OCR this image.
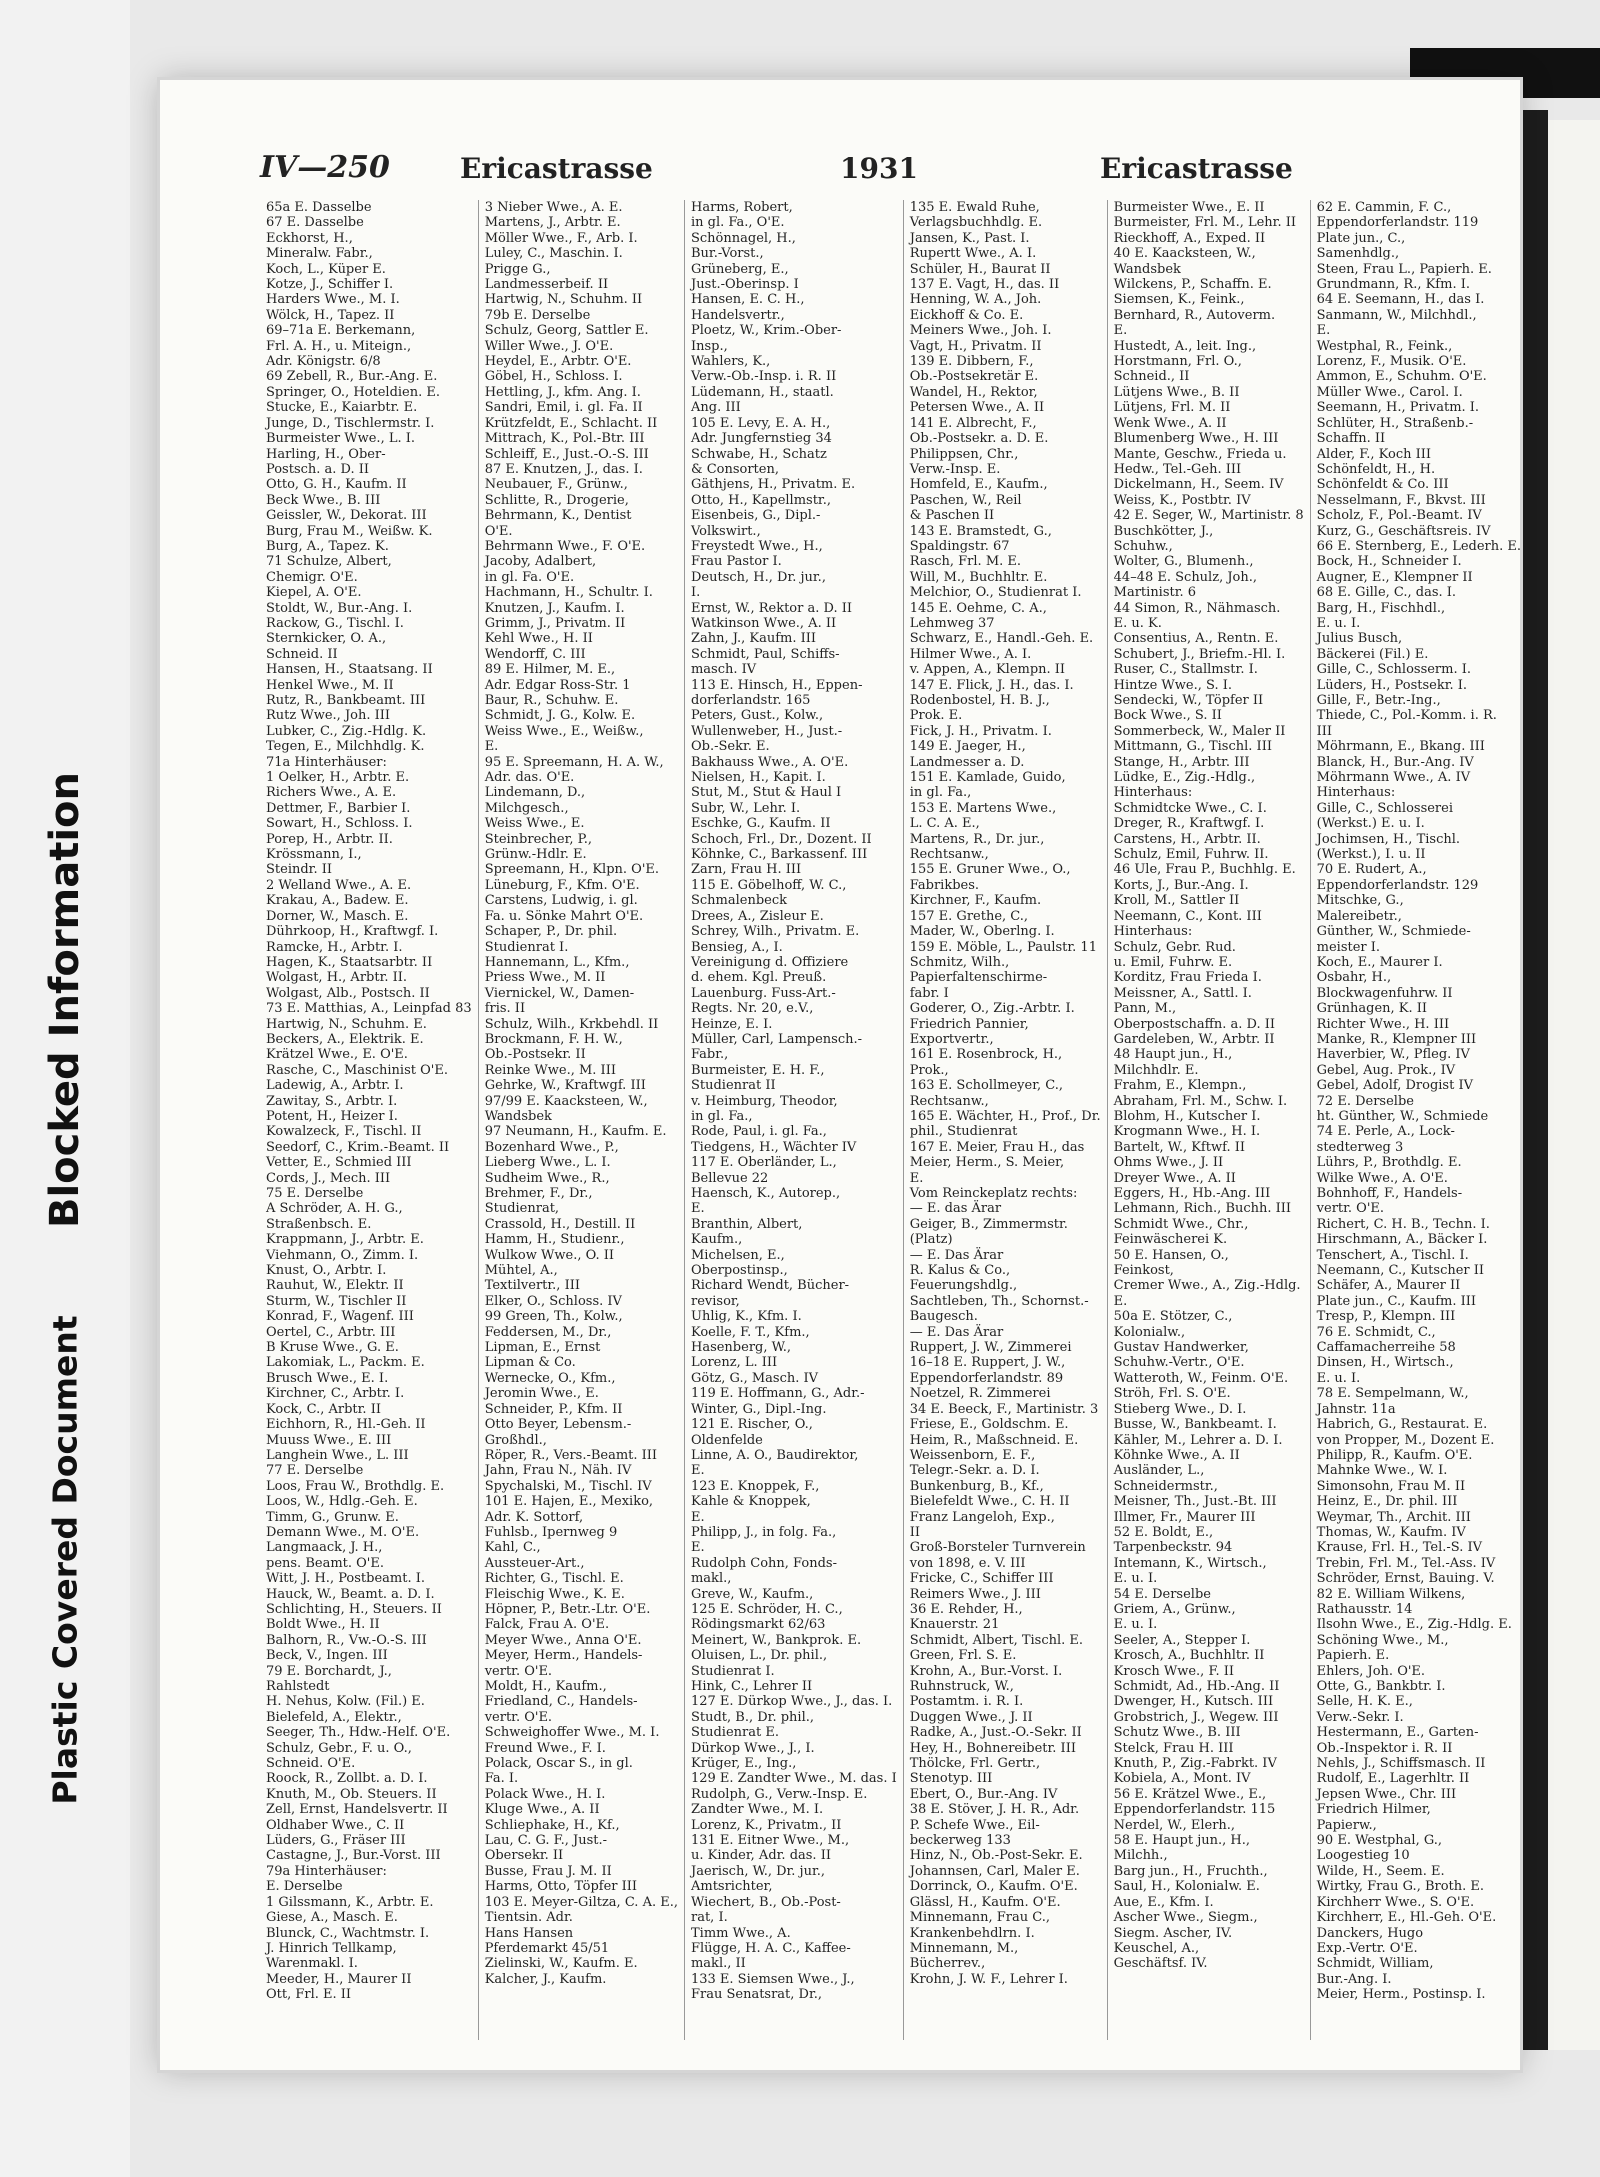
Blocked Information
Plastic Covered Document
IV—250	Ericastrasse	1931	Ericastrasse
65a E. Dasselbe
67 E. Dasselbe
Eckhorst, H.,
Mineralw. Fabr.,
Koch, L., Küper E.
Kotze, J., Schiffer I.
Harders Wwe., M. I.
Wölck, H., Tapez. II
69–71a E. Berkemann,
Frl. A. H., u. Miteign.,
Adr. Königstr. 6/8
69 Zebell, R., Bur.-Ang. E.
Springer, O., Hoteldien. E.
Stucke, E., Kaiarbtr. E.
Junge, D., Tischlermstr. I.
Burmeister Wwe., L. I.
Harling, H., Ober-
Postsch. a. D. II
Otto, G. H., Kaufm. II
Beck Wwe., B. III
Geissler, W., Dekorat. III
Burg, Frau M., Weißw. K.
Burg, A., Tapez. K.
71 Schulze, Albert,
Chemigr. O'E.
Kiepel, A. O'E.
Stoldt, W., Bur.-Ang. I.
Rackow, G., Tischl. I.
Sternkicker, O. A.,
Schneid. II
Hansen, H., Staatsang. II
Henkel Wwe., M. II
Rutz, R., Bankbeamt. III
Rutz Wwe., Joh. III
Lubker, C., Zig.-Hdlg. K.
Tegen, E., Milchhdlg. K.
71a Hinterhäuser:
1 Oelker, H., Arbtr. E.
Richers Wwe., A. E.
Dettmer, F., Barbier I.
Sowart, H., Schloss. I.
Porep, H., Arbtr. II.
Krössmann, I.,
Steindr. II
2 Welland Wwe., A. E.
Krakau, A., Badew. E.
Dorner, W., Masch. E.
Dührkoop, H., Kraftwgf. I.
Ramcke, H., Arbtr. I.
Hagen, K., Staatsarbtr. II
Wolgast, H., Arbtr. II.
Wolgast, Alb., Postsch. II
73 E. Matthias, A., Leinpfad 83
Hartwig, N., Schuhm. E.
Beckers, A., Elektrik. E.
Krätzel Wwe., E. O'E.
Rasche, C., Maschinist O'E.
Ladewig, A., Arbtr. I.
Zawitay, S., Arbtr. I.
Potent, H., Heizer I.
Kowalzeck, F., Tischl. II
Seedorf, C., Krim.-Beamt. II
Vetter, E., Schmied III
Cords, J., Mech. III
75 E. Derselbe
A Schröder, A. H. G.,
Straßenbsch. E.
Krappmann, J., Arbtr. E.
Viehmann, O., Zimm. I.
Knust, O., Arbtr. I.
Rauhut, W., Elektr. II
Sturm, W., Tischler II
Konrad, F., Wagenf. III
Oertel, C., Arbtr. III
B Kruse Wwe., G. E.
Lakomiak, L., Packm. E.
Brusch Wwe., E. I.
Kirchner, C., Arbtr. I.
Kock, C., Arbtr. II
Eichhorn, R., Hl.-Geh. II
Muuss Wwe., E. III
Langhein Wwe., L. III
77 E. Derselbe
Loos, Frau W., Brothdlg. E.
Loos, W., Hdlg.-Geh. E.
Timm, G., Grunw. E.
Demann Wwe., M. O'E.
Langmaack, J. H.,
pens. Beamt. O'E.
Witt, J. H., Postbeamt. I.
Hauck, W., Beamt. a. D. I.
Schlichting, H., Steuers. II
Boldt Wwe., H. II
Balhorn, R., Vw.-O.-S. III
Beck, V., Ingen. III
79 E. Borchardt, J.,
Rahlstedt
H. Nehus, Kolw. (Fil.) E.
Bielefeld, A., Elektr.,
Seeger, Th., Hdw.-Helf. O'E.
Schulz, Gebr., F. u. O.,
Schneid. O'E.
Roock, R., Zollbt. a. D. I.
Knuth, M., Ob. Steuers. II
Zell, Ernst, Handelsvertr. II
Oldhaber Wwe., C. II
Lüders, G., Fräser III
Castagne, J., Bur.-Vorst. III
79a Hinterhäuser:
E. Derselbe
1 Gilssmann, K., Arbtr. E.
Giese, A., Masch. E.
Blunck, C., Wachtmstr. I.
J. Hinrich Tellkamp,
Warenmakl. I.
Meeder, H., Maurer II
Ott, Frl. E. II
3 Nieber Wwe., A. E.
Martens, J., Arbtr. E.
Möller Wwe., F., Arb. I.
Luley, C., Maschin. I.
Prigge G.,
Landmesserbeif. II
Hartwig, N., Schuhm. II
79b E. Derselbe
Schulz, Georg, Sattler E.
Willer Wwe., J. O'E.
Heydel, E., Arbtr. O'E.
Göbel, H., Schloss. I.
Hettling, J., kfm. Ang. I.
Sandri, Emil, i. gl. Fa. II
Krützfeldt, E., Schlacht. II
Mittrach, K., Pol.-Btr. III
Schleiff, E., Just.-O.-S. III
87 E. Knutzen, J., das. I.
Neubauer, F., Grünw.,
Schlitte, R., Drogerie,
Behrmann, K., Dentist
O'E.
Behrmann Wwe., F. O'E.
Jacoby, Adalbert,
in gl. Fa. O'E.
Hachmann, H., Schultr. I.
Knutzen, J., Kaufm. I.
Grimm, J., Privatm. II
Kehl Wwe., H. II
Wendorff, C. III
89 E. Hilmer, M. E.,
Adr. Edgar Ross-Str. 1
Baur, R., Schuhw. E.
Schmidt, J. G., Kolw. E.
Weiss Wwe., E., Weißw.,
E.
95 E. Spreemann, H. A. W.,
Adr. das. O'E.
Lindemann, D.,
Milchgesch.,
Weiss Wwe., E.
Steinbrecher, P.,
Grünw.-Hdlr. E.
Spreemann, H., Klpn. O'E.
Lüneburg, F., Kfm. O'E.
Carstens, Ludwig, i. gl.
Fa. u. Sönke Mahrt O'E.
Schaper, P., Dr. phil.
Studienrat I.
Hannemann, L., Kfm.,
Priess Wwe., M. II
Viernickel, W., Damen-
fris. II
Schulz, Wilh., Krkbehdl. II
Brockmann, F. H. W.,
Ob.-Postsekr. II
Reinke Wwe., M. III
Gehrke, W., Kraftwgf. III
97/99 E. Kaacksteen, W.,
Wandsbek
97 Neumann, H., Kaufm. E.
Bozenhard Wwe., P.,
Lieberg Wwe., L. I.
Sudheim Wwe., R.,
Brehmer, F., Dr.,
Studienrat,
Crassold, H., Destill. II
Hamm, H., Studienr.,
Wulkow Wwe., O. II
Mühtel, A.,
Textilvertr., III
Elker, O., Schloss. IV
99 Green, Th., Kolw.,
Feddersen, M., Dr.,
Lipman, E., Ernst
Lipman & Co.
Wernecke, O., Kfm.,
Jeromin Wwe., E.
Schneider, P., Kfm. II
Otto Beyer, Lebensm.-
Großhdl.,
Röper, R., Vers.-Beamt. III
Jahn, Frau N., Näh. IV
Spychalski, M., Tischl. IV
101 E. Hajen, E., Mexiko,
Adr. K. Sottorf,
Fuhlsb., Ipernweg 9
Kahl, C.,
Aussteuer-Art.,
Richter, G., Tischl. E.
Fleischig Wwe., K. E.
Höpner, P., Betr.-Ltr. O'E.
Falck, Frau A. O'E.
Meyer Wwe., Anna O'E.
Meyer, Herm., Handels-
vertr. O'E.
Moldt, H., Kaufm.,
Friedland, C., Handels-
vertr. O'E.
Schweighoffer Wwe., M. I.
Freund Wwe., F. I.
Polack, Oscar S., in gl.
Fa. I.
Polack Wwe., H. I.
Kluge Wwe., A. II
Schliephake, H., Kf.,
Lau, C. G. F., Just.-
Obersekr. II
Busse, Frau J. M. II
Harms, Otto, Töpfer III
103 E. Meyer-Giltza, C. A. E.,
Tientsin. Adr.
Hans Hansen
Pferdemarkt 45/51
Zielinski, W., Kaufm. E.
Kalcher, J., Kaufm.
Harms, Robert,
in gl. Fa., O'E.
Schönnagel, H.,
Bur.-Vorst.,
Grüneberg, E.,
Just.-Oberinsp. I
Hansen, E. C. H.,
Handelsvertr.,
Ploetz, W., Krim.-Ober-
Insp.,
Wahlers, K.,
Verw.-Ob.-Insp. i. R. II
Lüdemann, H., staatl.
Ang. III
105 E. Levy, E. A. H.,
Adr. Jungfernstieg 34
Schwabe, H., Schatz
& Consorten,
Gäthjens, H., Privatm. E.
Otto, H., Kapellmstr.,
Eisenbeis, G., Dipl.-
Volkswirt.,
Freystedt Wwe., H.,
Frau Pastor I.
Deutsch, H., Dr. jur.,
I.
Ernst, W., Rektor a. D. II
Watkinson Wwe., A. II
Zahn, J., Kaufm. III
Schmidt, Paul, Schiffs-
masch. IV
113 E. Hinsch, H., Eppen-
dorferlandstr. 165
Peters, Gust., Kolw.,
Wullenweber, H., Just.-
Ob.-Sekr. E.
Bakhauss Wwe., A. O'E.
Nielsen, H., Kapit. I.
Stut, M., Stut & Haul I
Subr, W., Lehr. I.
Eschke, G., Kaufm. II
Schoch, Frl., Dr., Dozent. II
Köhnke, C., Barkassenf. III
Zarn, Frau H. III
115 E. Göbelhoff, W. C.,
Schmalenbeck
Drees, A., Zisleur E.
Schrey, Wilh., Privatm. E.
Bensieg, A., I.
Vereinigung d. Offiziere
d. ehem. Kgl. Preuß.
Lauenburg. Fuss-Art.-
Regts. Nr. 20, e.V.,
Heinze, E. I.
Müller, Carl, Lampensch.-
Fabr.,
Burmeister, E. H. F.,
Studienrat II
v. Heimburg, Theodor,
in gl. Fa.,
Rode, Paul, i. gl. Fa.,
Tiedgens, H., Wächter IV
117 E. Oberländer, L.,
Bellevue 22
Haensch, K., Autorep.,
E.
Branthin, Albert,
Kaufm.,
Michelsen, E.,
Oberpostinsp.,
Richard Wendt, Bücher-
revisor,
Uhlig, K., Kfm. I.
Koelle, F. T., Kfm.,
Hasenberg, W.,
Lorenz, L. III
Götz, G., Masch. IV
119 E. Hoffmann, G., Adr.-
Winter, G., Dipl.-Ing.
121 E. Rischer, O.,
Oldenfelde
Linne, A. O., Baudirektor,
E.
123 E. Knoppek, F.,
Kahle & Knoppek,
E.
Philipp, J., in folg. Fa.,
E.
Rudolph Cohn, Fonds-
makl.,
Greve, W., Kaufm.,
125 E. Schröder, H. C.,
Rödingsmarkt 62/63
Meinert, W., Bankprok. E.
Oluisen, L., Dr. phil.,
Studienrat I.
Hink, C., Lehrer II
127 E. Dürkop Wwe., J., das. I.
Studt, B., Dr. phil.,
Studienrat E.
Dürkop Wwe., J., I.
Krüger, E., Ing.,
129 E. Zandter Wwe., M. das. I
Rudolph, G., Verw.-Insp. E.
Zandter Wwe., M. I.
Lorenz, K., Privatm., II
131 E. Eitner Wwe., M.,
u. Kinder, Adr. das. II
Jaerisch, W., Dr. jur.,
Amtsrichter,
Wiechert, B., Ob.-Post-
rat, I.
Timm Wwe., A.
Flügge, H. A. C., Kaffee-
makl., II
133 E. Siemsen Wwe., J.,
Frau Senatsrat, Dr.,
135 E. Ewald Ruhe,
Verlagsbuchhdlg. E.
Jansen, K., Past. I.
Rupertt Wwe., A. I.
Schüler, H., Baurat II
137 E. Vagt, H., das. II
Henning, W. A., Joh.
Eickhoff & Co. E.
Meiners Wwe., Joh. I.
Vagt, H., Privatm. II
139 E. Dibbern, F.,
Ob.-Postsekretär E.
Wandel, H., Rektor,
Petersen Wwe., A. II
141 E. Albrecht, F.,
Ob.-Postsekr. a. D. E.
Philippsen, Chr.,
Verw.-Insp. E.
Homfeld, E., Kaufm.,
Paschen, W., Reil
& Paschen II
143 E. Bramstedt, G.,
Spaldingstr. 67
Rasch, Frl. M. E.
Will, M., Buchhltr. E.
Melchior, O., Studienrat I.
145 E. Oehme, C. A.,
Lehmweg 37
Schwarz, E., Handl.-Geh. E.
Hilmer Wwe., A. I.
v. Appen, A., Klempn. II
147 E. Flick, J. H., das. I.
Rodenbostel, H. B. J.,
Prok. E.
Fick, J. H., Privatm. I.
149 E. Jaeger, H.,
Landmesser a. D.
151 E. Kamlade, Guido,
in gl. Fa.,
153 E. Martens Wwe.,
L. C. A. E.,
Martens, R., Dr. jur.,
Rechtsanw.,
155 E. Gruner Wwe., O.,
Fabrikbes.
Kirchner, F., Kaufm.
157 E. Grethe, C.,
Mader, W., Oberlng. I.
159 E. Möble, L., Paulstr. 11
Schmitz, Wilh.,
Papierfaltenschirme-
fabr. I
Goderer, O., Zig.-Arbtr. I.
Friedrich Pannier,
Exportvertr.,
161 E. Rosenbrock, H.,
Prok.,
163 E. Schollmeyer, C.,
Rechtsanw.,
165 E. Wächter, H., Prof., Dr.
phil., Studienrat
167 E. Meier, Frau H., das
Meier, Herm., S. Meier,
E.
Vom Reinckeplatz rechts:
— E. das Ärar
Geiger, B., Zimmermstr.
(Platz)
— E. Das Ärar
R. Kalus & Co.,
Feuerungshdlg.,
Sachtleben, Th., Schornst.-
Baugesch.
— E. Das Ärar
Ruppert, J. W., Zimmerei
16–18 E. Ruppert, J. W.,
Eppendorferlandstr. 89
Noetzel, R. Zimmerei
34 E. Beeck, F., Martinistr. 3
Friese, E., Goldschm. E.
Heim, R., Maßschneid. E.
Weissenborn, E. F.,
Telegr.-Sekr. a. D. I.
Bunkenburg, B., Kf.,
Bielefeldt Wwe., C. H. II
Franz Langeloh, Exp.,
II
Groß-Borsteler Turnverein
von 1898, e. V. III
Fricke, C., Schiffer III
Reimers Wwe., J. III
36 E. Rehder, H.,
Knauerstr. 21
Schmidt, Albert, Tischl. E.
Green, Frl. S. E.
Krohn, A., Bur.-Vorst. I.
Ruhnstruck, W.,
Postamtm. i. R. I.
Duggen Wwe., J. II
Radke, A., Just.-O.-Sekr. II
Hey, H., Bohnereibetr. III
Thölcke, Frl. Gertr.,
Stenotyp. III
Ebert, O., Bur.-Ang. IV
38 E. Stöver, J. H. R., Adr.
P. Schefe Wwe., Eil-
beckerweg 133
Hinz, N., Ob.-Post-Sekr. E.
Johannsen, Carl, Maler E.
Dorrinck, O., Kaufm. O'E.
Glässl, H., Kaufm. O'E.
Minnemann, Frau C.,
Krankenbehdlrn. I.
Minnemann, M.,
Bücherrev.,
Krohn, J. W. F., Lehrer I.
Burmeister Wwe., E. II
Burmeister, Frl. M., Lehr. II
Rieckhoff, A., Exped. II
40 E. Kaacksteen, W.,
Wandsbek
Wilckens, P., Schaffn. E.
Siemsen, K., Feink.,
Bernhard, R., Autoverm.
E.
Hustedt, A., leit. Ing.,
Horstmann, Frl. O.,
Schneid., II
Lütjens Wwe., B. II
Lütjens, Frl. M. II
Wenk Wwe., A. II
Blumenberg Wwe., H. III
Mante, Geschw., Frieda u.
Hedw., Tel.-Geh. III
Dickelmann, H., Seem. IV
Weiss, K., Postbtr. IV
42 E. Seger, W., Martinistr. 8
Buschkötter, J.,
Schuhw.,
Wolter, G., Blumenh.,
44–48 E. Schulz, Joh.,
Martinistr. 6
44 Simon, R., Nähmasch.
E. u. K.
Consentius, A., Rentn. E.
Schubert, J., Briefm.-Hl. I.
Ruser, C., Stallmstr. I.
Hintze Wwe., S. I.
Sendecki, W., Töpfer II
Bock Wwe., S. II
Sommerbeck, W., Maler II
Mittmann, G., Tischl. III
Stange, H., Arbtr. III
Lüdke, E., Zig.-Hdlg.,
Hinterhaus:
Schmidtcke Wwe., C. I.
Dreger, R., Kraftwgf. I.
Carstens, H., Arbtr. II.
Schulz, Emil, Fuhrw. II.
46 Ule, Frau P., Buchhlg. E.
Korts, J., Bur.-Ang. I.
Kroll, M., Sattler II
Neemann, C., Kont. III
Hinterhaus:
Schulz, Gebr. Rud.
u. Emil, Fuhrw. E.
Korditz, Frau Frieda I.
Meissner, A., Sattl. I.
Pann, M.,
Oberpostschaffn. a. D. II
Gardeleben, W., Arbtr. II
48 Haupt jun., H.,
Milchhdlr. E.
Frahm, E., Klempn.,
Abraham, Frl. M., Schw. I.
Blohm, H., Kutscher I.
Krogmann Wwe., H. I.
Bartelt, W., Kftwf. II
Ohms Wwe., J. II
Dreyer Wwe., A. II
Eggers, H., Hb.-Ang. III
Lehmann, Rich., Buchh. III
Schmidt Wwe., Chr.,
Feinwäscherei K.
50 E. Hansen, O.,
Feinkost,
Cremer Wwe., A., Zig.-Hdlg.
E.
50a E. Stötzer, C.,
Kolonialw.,
Gustav Handwerker,
Schuhw.-Vertr., O'E.
Watteroth, W., Feinm. O'E.
Ströh, Frl. S. O'E.
Stieberg Wwe., D. I.
Busse, W., Bankbeamt. I.
Kähler, M., Lehrer a. D. I.
Köhnke Wwe., A. II
Ausländer, L.,
Schneidermstr.,
Meisner, Th., Just.-Bt. III
Illmer, Fr., Maurer III
52 E. Boldt, E.,
Tarpenbeckstr. 94
Intemann, K., Wirtsch.,
E. u. I.
54 E. Derselbe
Griem, A., Grünw.,
E. u. I.
Seeler, A., Stepper I.
Krosch, A., Buchhltr. II
Krosch Wwe., F. II
Schmidt, Ad., Hb.-Ang. II
Dwenger, H., Kutsch. III
Grobstrich, J., Wegew. III
Schutz Wwe., B. III
Stelck, Frau H. III
Knuth, P., Zig.-Fabrkt. IV
Kobiela, A., Mont. IV
56 E. Krätzel Wwe., E.,
Eppendorferlandstr. 115
Nerdel, W., Elerh.,
58 E. Haupt jun., H.,
Milchh.,
Barg jun., H., Fruchth.,
Saul, H., Kolonialw. E.
Aue, E., Kfm. I.
Ascher Wwe., Siegm.,
Siegm. Ascher, IV.
Keuschel, A.,
Geschäftsf. IV.
62 E. Cammin, F. C.,
Eppendorferlandstr. 119
Plate jun., C.,
Samenhdlg.,
Steen, Frau L., Papierh. E.
Grundmann, R., Kfm. I.
64 E. Seemann, H., das I.
Sanmann, W., Milchhdl.,
E.
Westphal, R., Feink.,
Lorenz, F., Musik. O'E.
Ammon, E., Schuhm. O'E.
Müller Wwe., Carol. I.
Seemann, H., Privatm. I.
Schlüter, H., Straßenb.-
Schaffn. II
Alder, F., Koch III
Schönfeldt, H., H.
Schönfeldt & Co. III
Nesselmann, F., Bkvst. III
Scholz, F., Pol.-Beamt. IV
Kurz, G., Geschäftsreis. IV
66 E. Sternberg, E., Lederh. E.
Bock, H., Schneider I.
Augner, E., Klempner II
68 E. Gille, C., das. I.
Barg, H., Fischhdl.,
E. u. I.
Julius Busch,
Bäckerei (Fil.) E.
Gille, C., Schlosserm. I.
Lüders, H., Postsekr. I.
Gille, F., Betr.-Ing.,
Thiede, C., Pol.-Komm. i. R.
III
Möhrmann, E., Bkang. III
Blanck, H., Bur.-Ang. IV
Möhrmann Wwe., A. IV
Hinterhaus:
Gille, C., Schlosserei
(Werkst.) E. u. I.
Jochimsen, H., Tischl.
(Werkst.), I. u. II
70 E. Rudert, A.,
Eppendorferlandstr. 129
Mitschke, G.,
Malereibetr.,
Günther, W., Schmiede-
meister I.
Koch, E., Maurer I.
Osbahr, H.,
Blockwagenfuhrw. II
Grünhagen, K. II
Richter Wwe., H. III
Manke, R., Klempner III
Haverbier, W., Pfleg. IV
Gebel, Aug. Prok., IV
Gebel, Adolf, Drogist IV
72 E. Derselbe
ht. Günther, W., Schmiede
74 E. Perle, A., Lock-
stedterweg 3
Lührs, P., Brothdlg. E.
Wilke Wwe., A. O'E.
Bohnhoff, F., Handels-
vertr. O'E.
Richert, C. H. B., Techn. I.
Hirschmann, A., Bäcker I.
Tenschert, A., Tischl. I.
Neemann, C., Kutscher II
Schäfer, A., Maurer II
Plate jun., C., Kaufm. III
Tresp, P., Klempn. III
76 E. Schmidt, C.,
Caffamacherreihe 58
Dinsen, H., Wirtsch.,
E. u. I.
78 E. Sempelmann, W.,
Jahnstr. 11a
Habrich, G., Restaurat. E.
von Propper, M., Dozent E.
Philipp, R., Kaufm. O'E.
Mahnke Wwe., W. I.
Simonsohn, Frau M. II
Heinz, E., Dr. phil. III
Weymar, Th., Archit. III
Thomas, W., Kaufm. IV
Krause, Frl. H., Tel.-S. IV
Trebin, Frl. M., Tel.-Ass. IV
Schröder, Ernst, Bauing. V.
82 E. William Wilkens,
Rathausstr. 14
Ilsohn Wwe., E., Zig.-Hdlg. E.
Schöning Wwe., M.,
Papierh. E.
Ehlers, Joh. O'E.
Otte, G., Bankbtr. I.
Selle, H. K. E.,
Verw.-Sekr. I.
Hestermann, E., Garten-
Ob.-Inspektor i. R. II
Nehls, J., Schiffsmasch. II
Rudolf, E., Lagerhltr. II
Jepsen Wwe., Chr. III
Friedrich Hilmer,
Papierw.,
90 E. Westphal, G.,
Loogestieg 10
Wilde, H., Seem. E.
Wirtky, Frau G., Broth. E.
Kirchherr Wwe., S. O'E.
Kirchherr, E., Hl.-Geh. O'E.
Danckers, Hugo
Exp.-Vertr. O'E.
Schmidt, William,
Bur.-Ang. I.
Meier, Herm., Postinsp. I.
